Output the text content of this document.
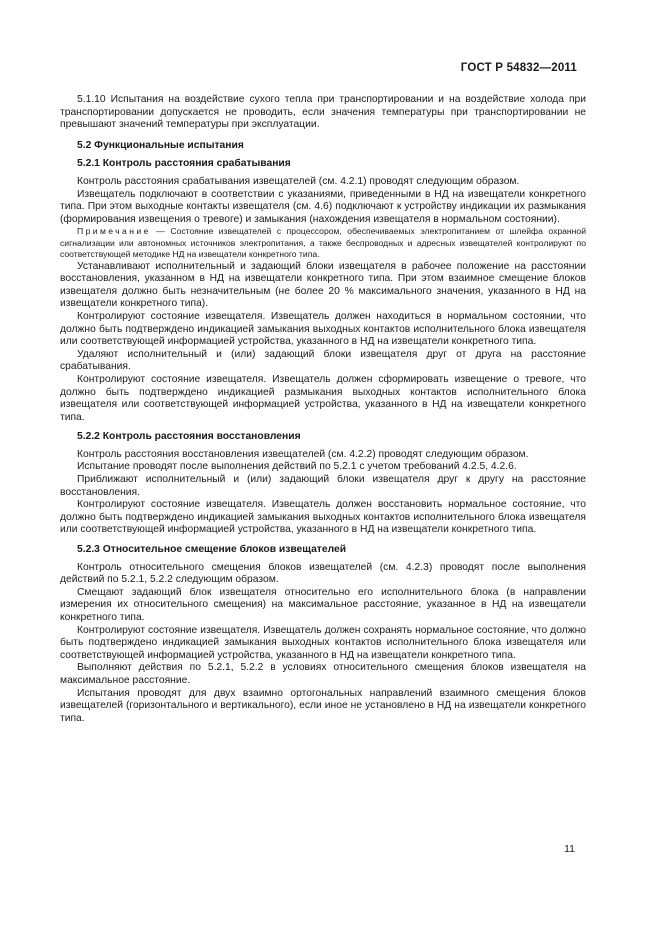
ГОСТ Р 54832—2011

5.1.10 Испытания на воздействие сухого тепла при транспортировании и на воздействие холода при транспортировании допускается не проводить, если значения температуры при транспортировании не превышают значений температуры при эксплуатации.

5.2 Функциональные испытания

5.2.1 Контроль расстояния срабатывания

Контроль расстояния срабатывания извещателей (см. 4.2.1) проводят следующим образом.

Извещатель подключают в соответствии с указаниями, приведенными в НД на извещатели конкретного типа. При этом выходные контакты извещателя (см. 4.6) подключают к устройству индикации их размыкания (формирования извещения о тревоге) и замыкания (нахождения извещателя в нормальном состоянии).

Примечание — Состояние извещателей с процессором, обеспечиваемых электропитанием от шлейфа охранной сигнализации или автономных источников электропитания, а также беспроводных и адресных извещателей контролируют по соответствующей методике НД на извещатели конкретного типа.

Устанавливают исполнительный и задающий блоки извещателя в рабочее положение на расстоянии восстановления, указанном в НД на извещатели конкретного типа. При этом взаимное смещение блоков извещателя должно быть незначительным (не более 20 % максимального значения, указанного в НД на извещатели конкретного типа).

Контролируют состояние извещателя. Извещатель должен находиться в нормальном состоянии, что должно быть подтверждено индикацией замыкания выходных контактов исполнительного блока извещателя или соответствующей информацией устройства, указанного в НД на извещатели конкретного типа.

Удаляют исполнительный и (или) задающий блоки извещателя друг от друга на расстояние срабатывания.

Контролируют состояние извещателя. Извещатель должен сформировать извещение о тревоге, что должно быть подтверждено индикацией размыкания выходных контактов исполнительного блока извещателя или соответствующей информацией устройства, указанного в НД на извещатели конкретного типа.

5.2.2 Контроль расстояния восстановления

Контроль расстояния восстановления извещателей (см. 4.2.2) проводят следующим образом.

Испытание проводят после выполнения действий по 5.2.1 с учетом требований 4.2.5, 4.2.6.

Приближают исполнительный и (или) задающий блоки извещателя друг к другу на расстояние восстановления.

Контролируют состояние извещателя. Извещатель должен восстановить нормальное состояние, что должно быть подтверждено индикацией замыкания выходных контактов исполнительного блока извещателя или соответствующей информацией устройства, указанного в НД на извещатели конкретного типа.

5.2.3 Относительное смещение блоков извещателей

Контроль относительного смещения блоков извещателей (см. 4.2.3) проводят после выполнения действий по 5.2.1, 5.2.2 следующим образом.

Смещают задающий блок извещателя относительно его исполнительного блока (в направлении измерения их относительного смещения) на максимальное расстояние, указанное в НД на извещатели конкретного типа.

Контролируют состояние извещателя. Извещатель должен сохранять нормальное состояние, что должно быть подтверждено индикацией замыкания выходных контактов исполнительного блока извещателя или соответствующей информацией устройства, указанного в НД на извещатели конкретного типа.

Выполняют действия по 5.2.1, 5.2.2 в условиях относительного смещения блоков извещателя на максимальное расстояние.

Испытания проводят для двух взаимно ортогональных направлений взаимного смещения блоков извещателей (горизонтального и вертикального), если иное не установлено в НД на извещатели конкретного типа.

11
